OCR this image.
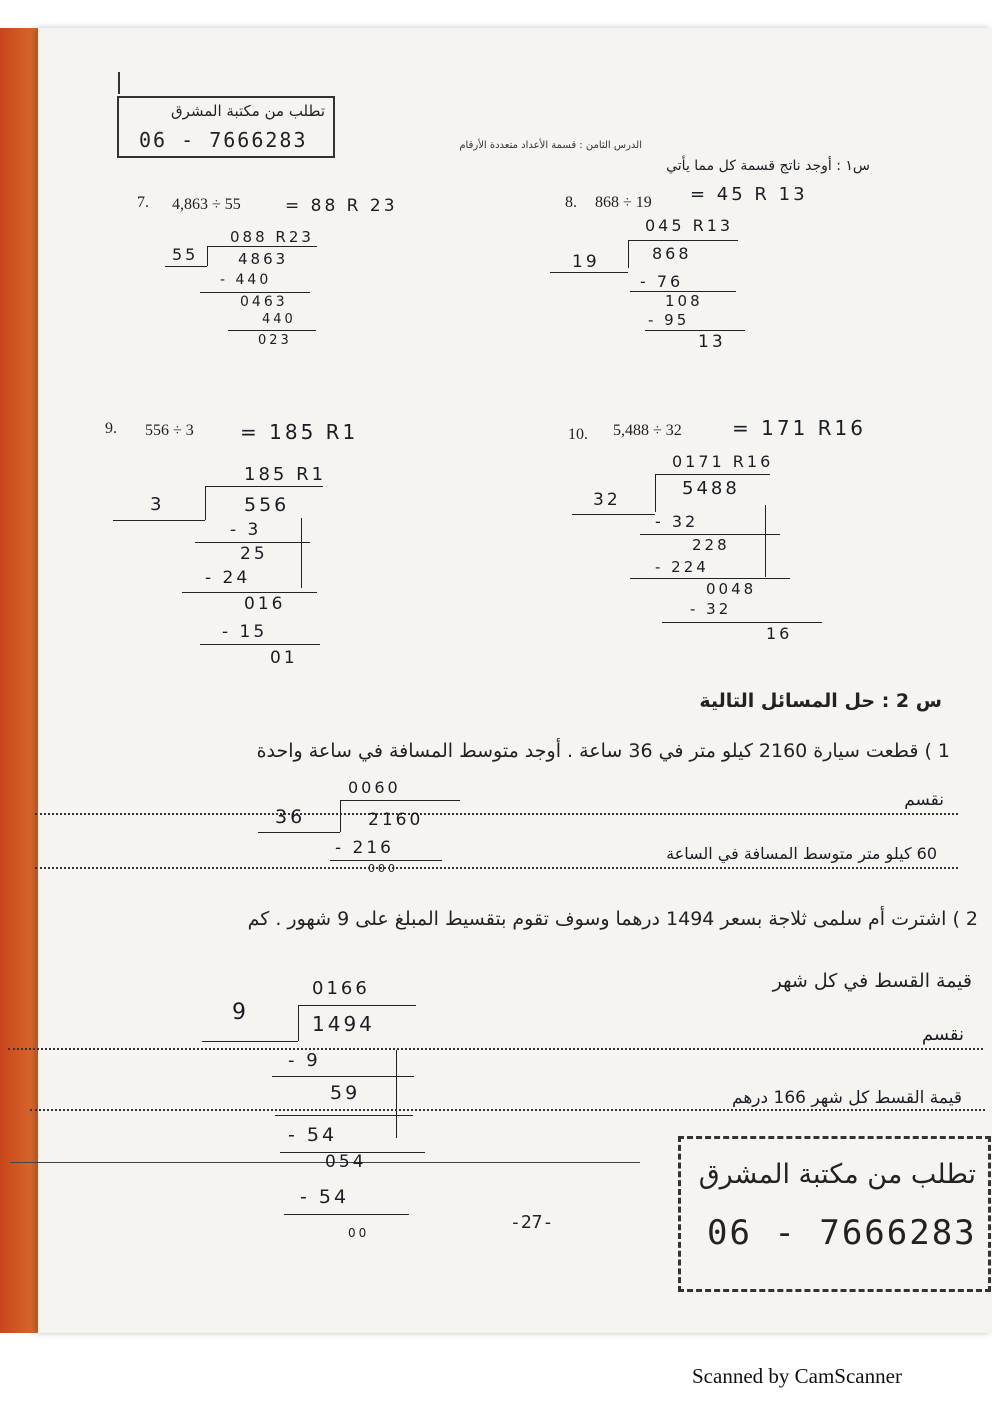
تطلب من مكتبة المشرق
06 - 7666283	الدرس الثامن : قسمة الأعداد متعددة الأرقام
س١ : أوجد ناتج قسمة كل مما يأتي
7. 4,863 ÷ 55	= 88 R 23
088 R23
55	4863
- 440
0463
440
023
8. 868 ÷ 19 = 45 R 13
045 R13
19	868
- 76
108
- 95
13
9. 556 ÷ 3 = 185 R1
185 R1
3	556
- 3
25
- 24
016
- 15
01
10. 5,488 ÷ 32	= 171 R16
0171 R16
32
5488
- 32
228
- 224
0048
- 32
16
س 2 : حل المسائل التالية
1 ) قطعت سيارة 2160 كيلو متر في 36 ساعة . أوجد متوسط المسافة في ساعة واحدة
نقسم
0060
36	2160
- 216
000
60 كيلو متر متوسط المسافة في الساعة
2 ) اشترت أم سلمى ثلاجة بسعر 1494 درهما وسوف تقوم بتقسيط المبلغ على 9 شهور . كم
قيمة القسط في كل شهر
0166
9	1494	نقسم
- 9
59	قيمة القسط كل شهر 166 درهم
- 54
054
- 54
00	-27-
تطلب من مكتبة المشرق
06 - 7666283
Scanned by CamScanner
